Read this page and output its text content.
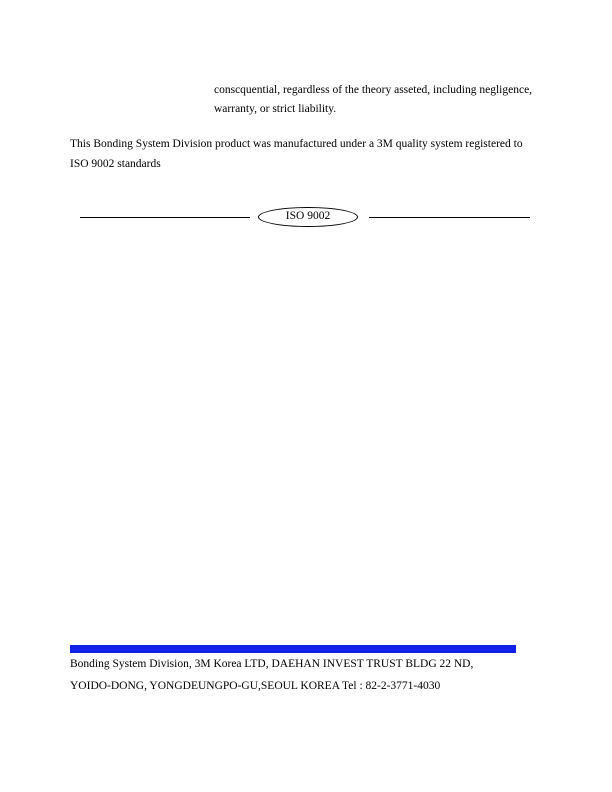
conscquential, regardless of the theory asseted, including negligence,
warranty, or strict liability.
This Bonding System Division product was manufactured under a 3M quality system registered to
ISO 9002 standards
ISO 9002
Bonding System Division, 3M Korea LTD, DAEHAN INVEST TRUST BLDG 22 ND,
YOIDO-DONG, YONGDEUNGPO-GU,SEOUL KOREA Tel : 82-2-3771-4030
